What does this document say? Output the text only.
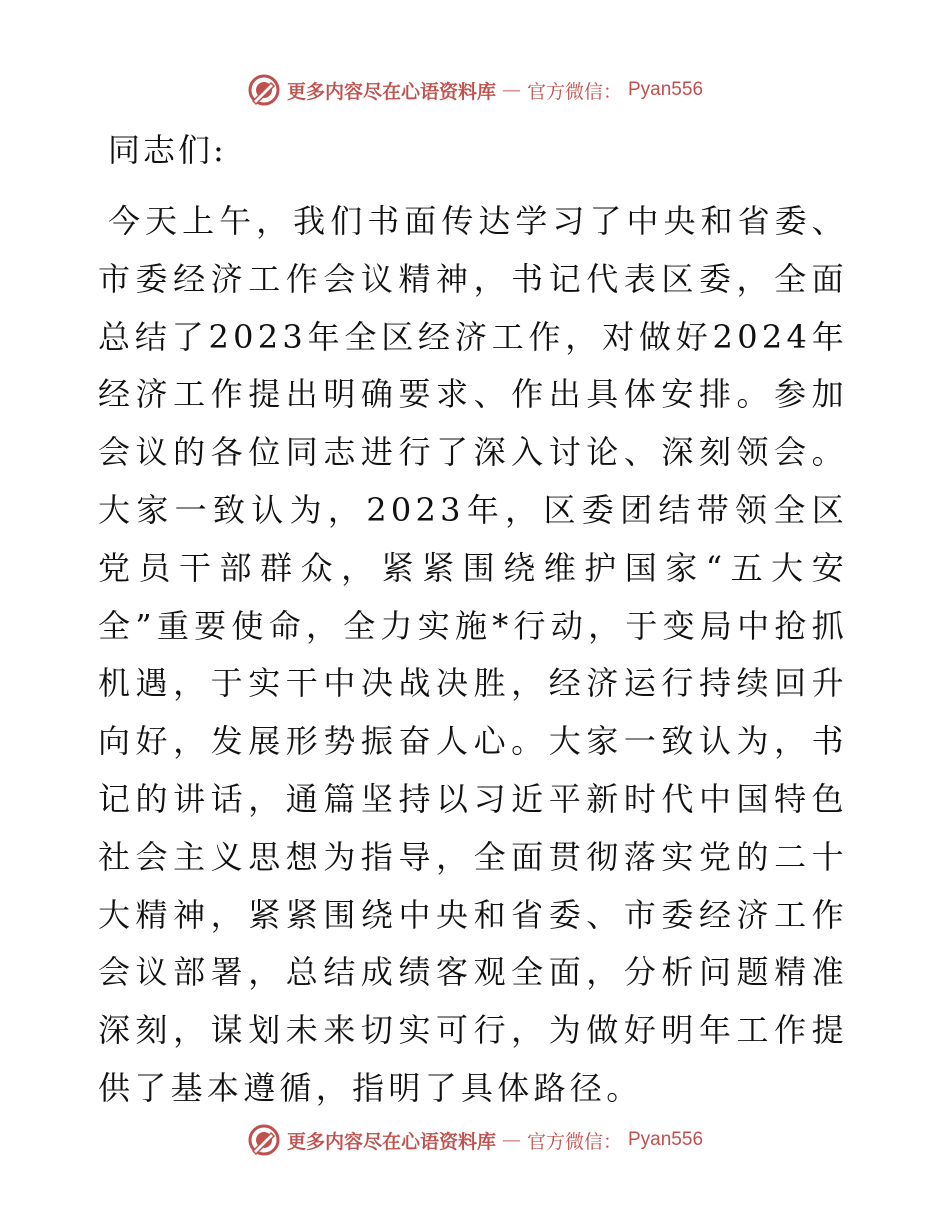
更多内容尽在心语资料库 — 官方微信： Pyan556
同志们:

今天上午，我们书面传达学习了中央和省委、市委经济工作会议精神，书记代表区委，全面总结了2023年全区经济工作，对做好2024年经济工作提出明确要求、作出具体安排。参加会议的各位同志进行了深入讨论、深刻领会。大家一致认为，2023年，区委团结带领全区党员干部群众，紧紧围绕维护国家“五大安全”重要使命，全力实施*行动，于变局中抢抓机遇，于实干中决战决胜，经济运行持续回升向好，发展形势振奋人心。大家一致认为，书记的讲话，通篇坚持以习近平新时代中国特色社会主义思想为指导，全面贯彻落实党的二十大精神，紧紧围绕中央和省委、市委经济工作会议部署，总结成绩客观全面，分析问题精准深刻，谋划未来切实可行，为做好明年工作提供了基本遵循，指明了具体路径。

更多内容尽在心语资料库 — 官方微信： Pyan556
